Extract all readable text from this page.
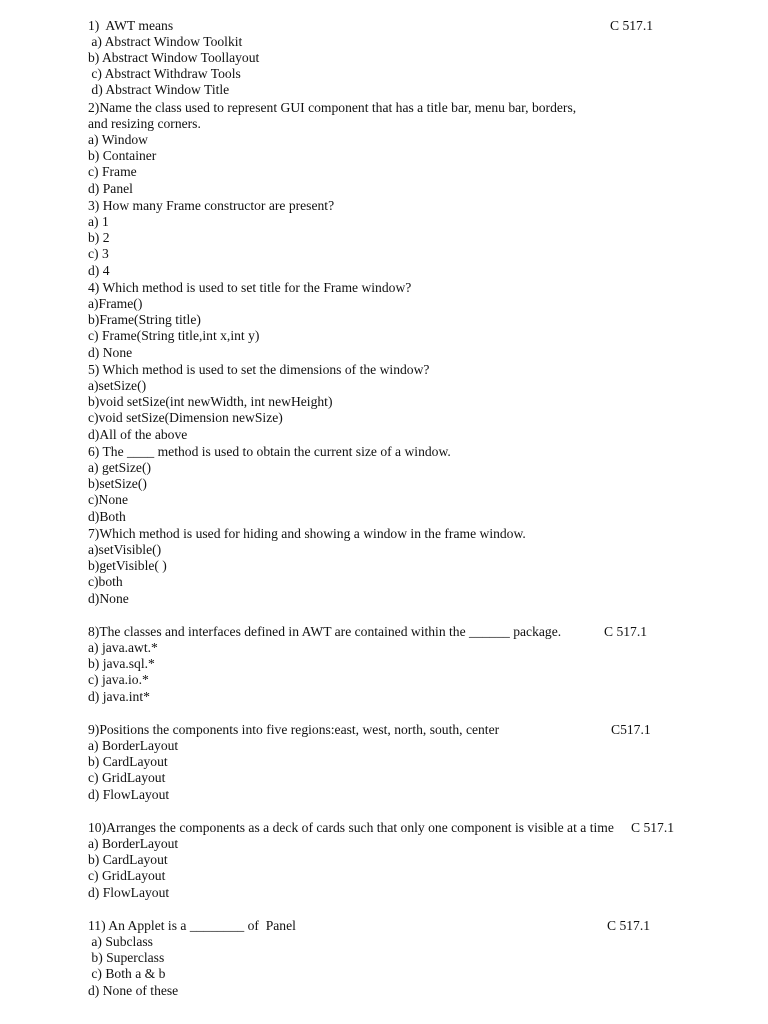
1)  AWT means	C 517.1
a) Abstract Window Toolkit
b) Abstract Window Toollayout
c) Abstract Withdraw Tools
d) Abstract Window Title
2)Name the class used to represent GUI component that has a title bar, menu bar, borders,
and resizing corners.
a) Window
b) Container
c) Frame
d) Panel
3) How many Frame constructor are present?
a) 1
b) 2
c) 3
d) 4
4) Which method is used to set title for the Frame window?
a)Frame()
b)Frame(String title)
c) Frame(String title,int x,int y)
d) None
5) Which method is used to set the dimensions of the window?
a)setSize()
b)void setSize(int newWidth, int newHeight)
c)void setSize(Dimension newSize)
d)All of the above
6) The ____ method is used to obtain the current size of a window.
a) getSize()
b)setSize()
c)None
d)Both
7)Which method is used for hiding and showing a window in the frame window.
a)setVisible()
b)getVisible( )
c)both
d)None
8)The classes and interfaces defined in AWT are contained within the ______ package.	C 517.1
a) java.awt.*
b) java.sql.*
c) java.io.*
d) java.int*
9)Positions the components into five regions:east, west, north, south, center	C517.1
a) BorderLayout
b) CardLayout
c) GridLayout
d) FlowLayout
10)Arranges the components as a deck of cards such that only one component is visible at a time C 517.1
a) BorderLayout
b) CardLayout
c) GridLayout
d) FlowLayout
11) An Applet is a ________ of  Panel	C 517.1
a) Subclass
b) Superclass
c) Both a & b
d) None of these
